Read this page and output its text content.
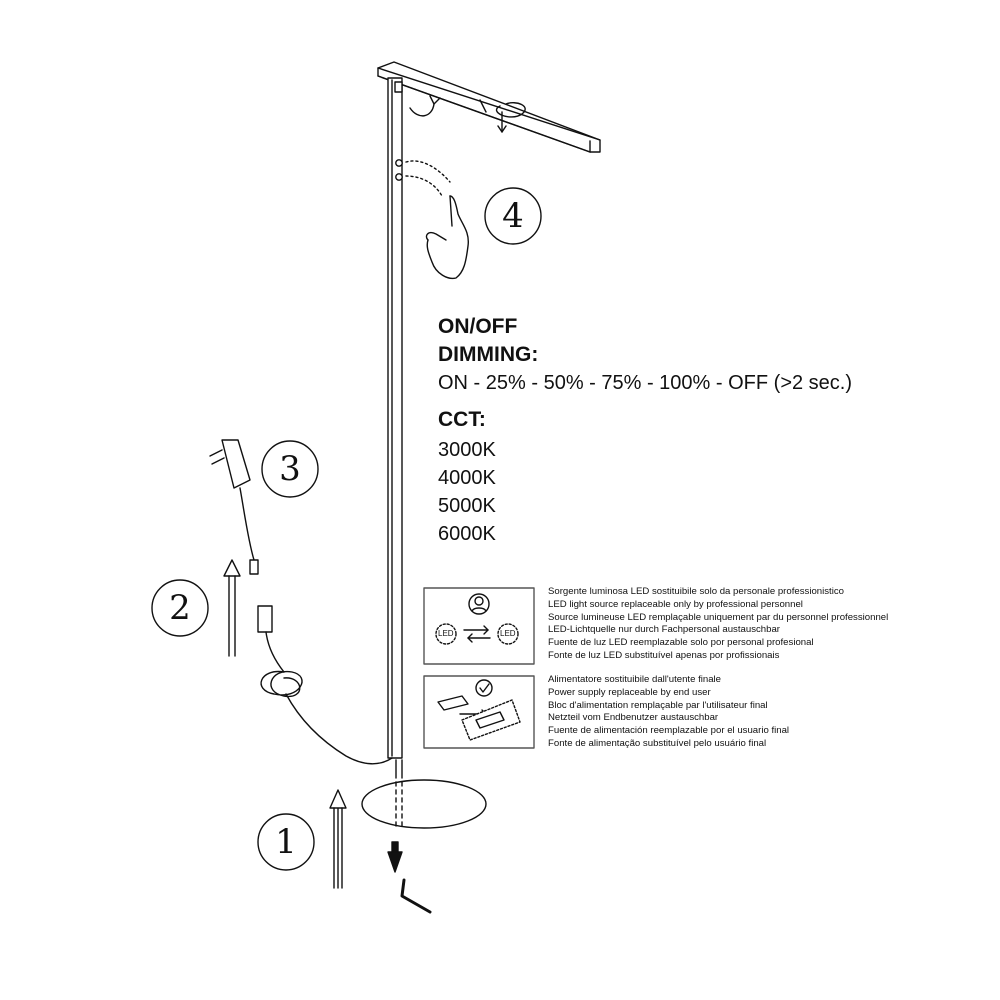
1
2
3
4
ON/OFF
DIMMING:
ON - 25% - 50% - 75% - 100% - OFF (>2 sec.)
CCT:
3000K
4000K
5000K
6000K
LED	LED
Sorgente luminosa LED sostituibile solo da personale professionistico
LED light source replaceable only by professional personnel
Source lumineuse LED remplaçable uniquement par du personnel professionnel
LED-Lichtquelle nur durch Fachpersonal austauschbar
Fuente de luz LED reemplazable solo por personal profesional
Fonte de luz LED substituível apenas por profissionais
Alimentatore sostituibile dall'utente finale
Power supply replaceable by end user
Bloc d'alimentation remplaçable par l'utilisateur final
Netzteil vom Endbenutzer austauschbar
Fuente de alimentación reemplazable por el usuario final
Fonte de alimentação substituível pelo usuário final
